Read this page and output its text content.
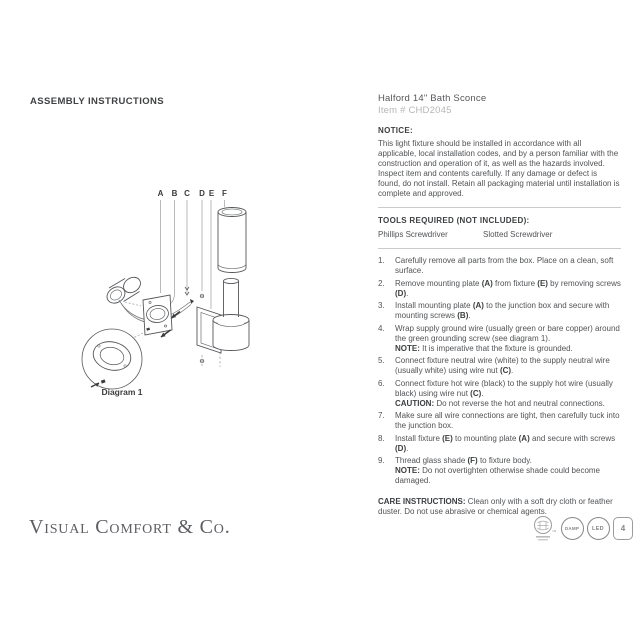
ASSEMBLY INSTRUCTIONS
A B C D E F
Diagram 1
Halford 14" Bath Sconce
Item # CHD2045
NOTICE:
This light fixture should be installed in accordance with all applicable, local installation codes, and by a person familiar with the construction and operation of it, as well as the hazards involved. Inspect item and contents carefully. If any damage or defect is found, do not install. Retain all packaging material until installation is complete and approved.
TOOLS REQUIRED (NOT INCLUDED):
Phillips Screwdriver	Slotted Screwdriver
1.	Carefully remove all parts from the box. Place on a clean, soft surface.
2.	Remove mounting plate (A) from fixture (E) by removing screws (D).
3.	Install mounting plate (A) to the junction box and secure with mounting screws (B).
4.	Wrap supply ground wire (usually green or bare copper) around the green grounding screw (see diagram 1).
NOTE: It is imperative that the fixture is grounded.
5.	Connect fixture neutral wire (white) to the supply neutral wire (usually white) using wire nut (C).
6.	Connect fixture hot wire (black) to the supply hot wire (usually black) using wire nut (C).
CAUTION: Do not reverse the hot and neutral connections.
7.	Make sure all wire connections are tight, then carefully tuck into the junction box.
8.	Install fixture (E) to mounting plate (A) and secure with screws (D).
9.	Thread glass shade (F) to fixture body.
NOTE: Do not overtighten otherwise shade could become damaged.
CARE INSTRUCTIONS: Clean only with a soft dry cloth or feather duster. Do not use abrasive or chemical agents.
Visual Comfort & Co.	us	DAMP	LED	4
